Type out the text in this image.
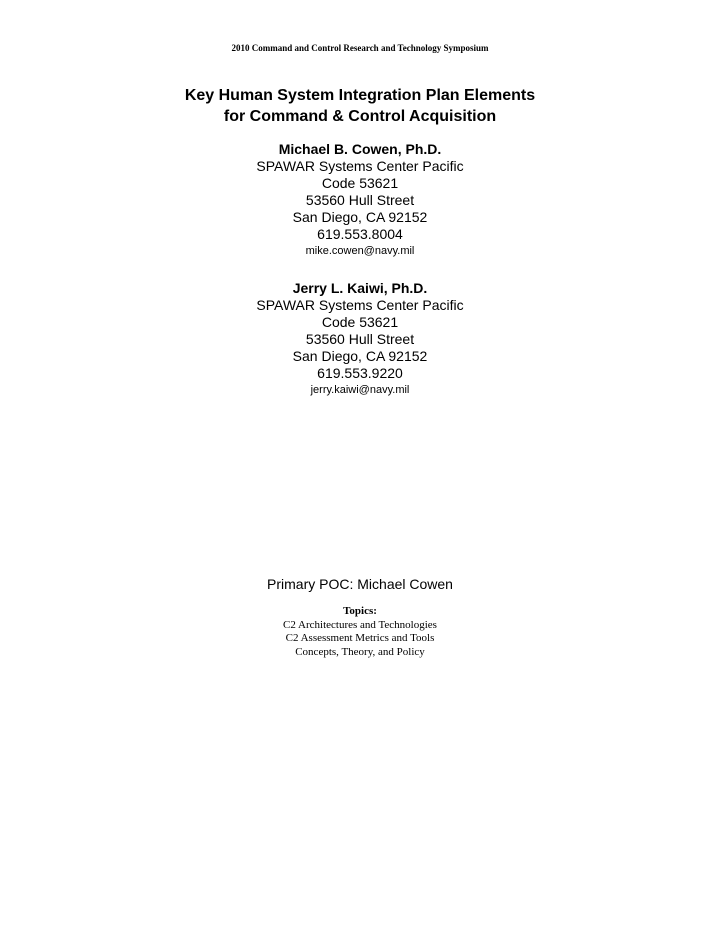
2010 Command and Control Research and Technology Symposium
Key Human System Integration Plan Elements
for Command & Control Acquisition
Michael B. Cowen, Ph.D.
SPAWAR Systems Center Pacific
Code 53621
53560 Hull Street
San Diego, CA 92152
619.553.8004
mike.cowen@navy.mil
Jerry L. Kaiwi, Ph.D.
SPAWAR Systems Center Pacific
Code 53621
53560 Hull Street
San Diego, CA 92152
619.553.9220
jerry.kaiwi@navy.mil
Primary POC: Michael Cowen
Topics:
C2 Architectures and Technologies
C2 Assessment Metrics and Tools
Concepts, Theory, and Policy
